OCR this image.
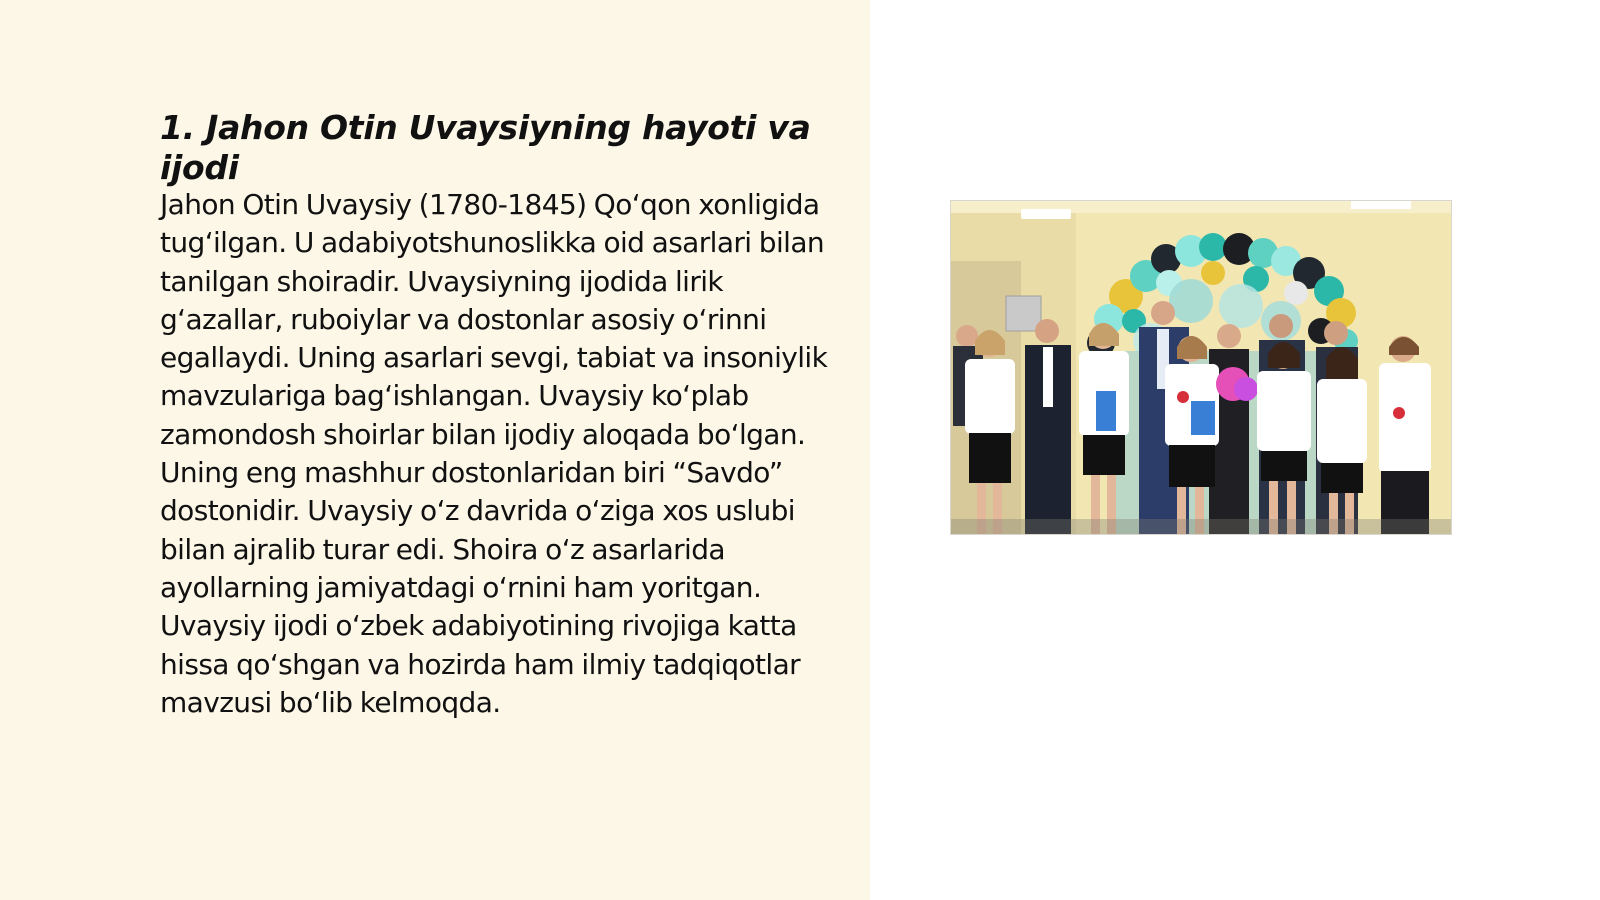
1. Jahon Otin Uvaysiyning hayoti va ijodi

Jahon Otin Uvaysiy (1780-1845) Qo‘qon xonligida tug‘ilgan. U adabiyotshunoslikka oid asarlari bilan tanilgan shoiradir. Uvaysiyning ijodida lirik g‘azallar, ruboiylar va dostonlar asosiy o‘rinni egallaydi. Uning asarlari sevgi, tabiat va insoniylik mavzulariga bag‘ishlangan. Uvaysiy ko‘plab zamondosh shoirlar bilan ijodiy aloqada bo‘lgan. Uning eng mashhur dostonlaridan biri “Savdo” dostonidir. Uvaysiy o‘z davrida o‘ziga xos uslubi bilan ajralib turar edi. Shoira o‘z asarlarida ayollarning jamiyatdagi o‘rnini ham yoritgan. Uvaysiy ijodi o‘zbek adabiyotining rivojiga katta hissa qo‘shgan va hozirda ham ilmiy tadqiqotlar mavzusi bo‘lib kelmoqda.
